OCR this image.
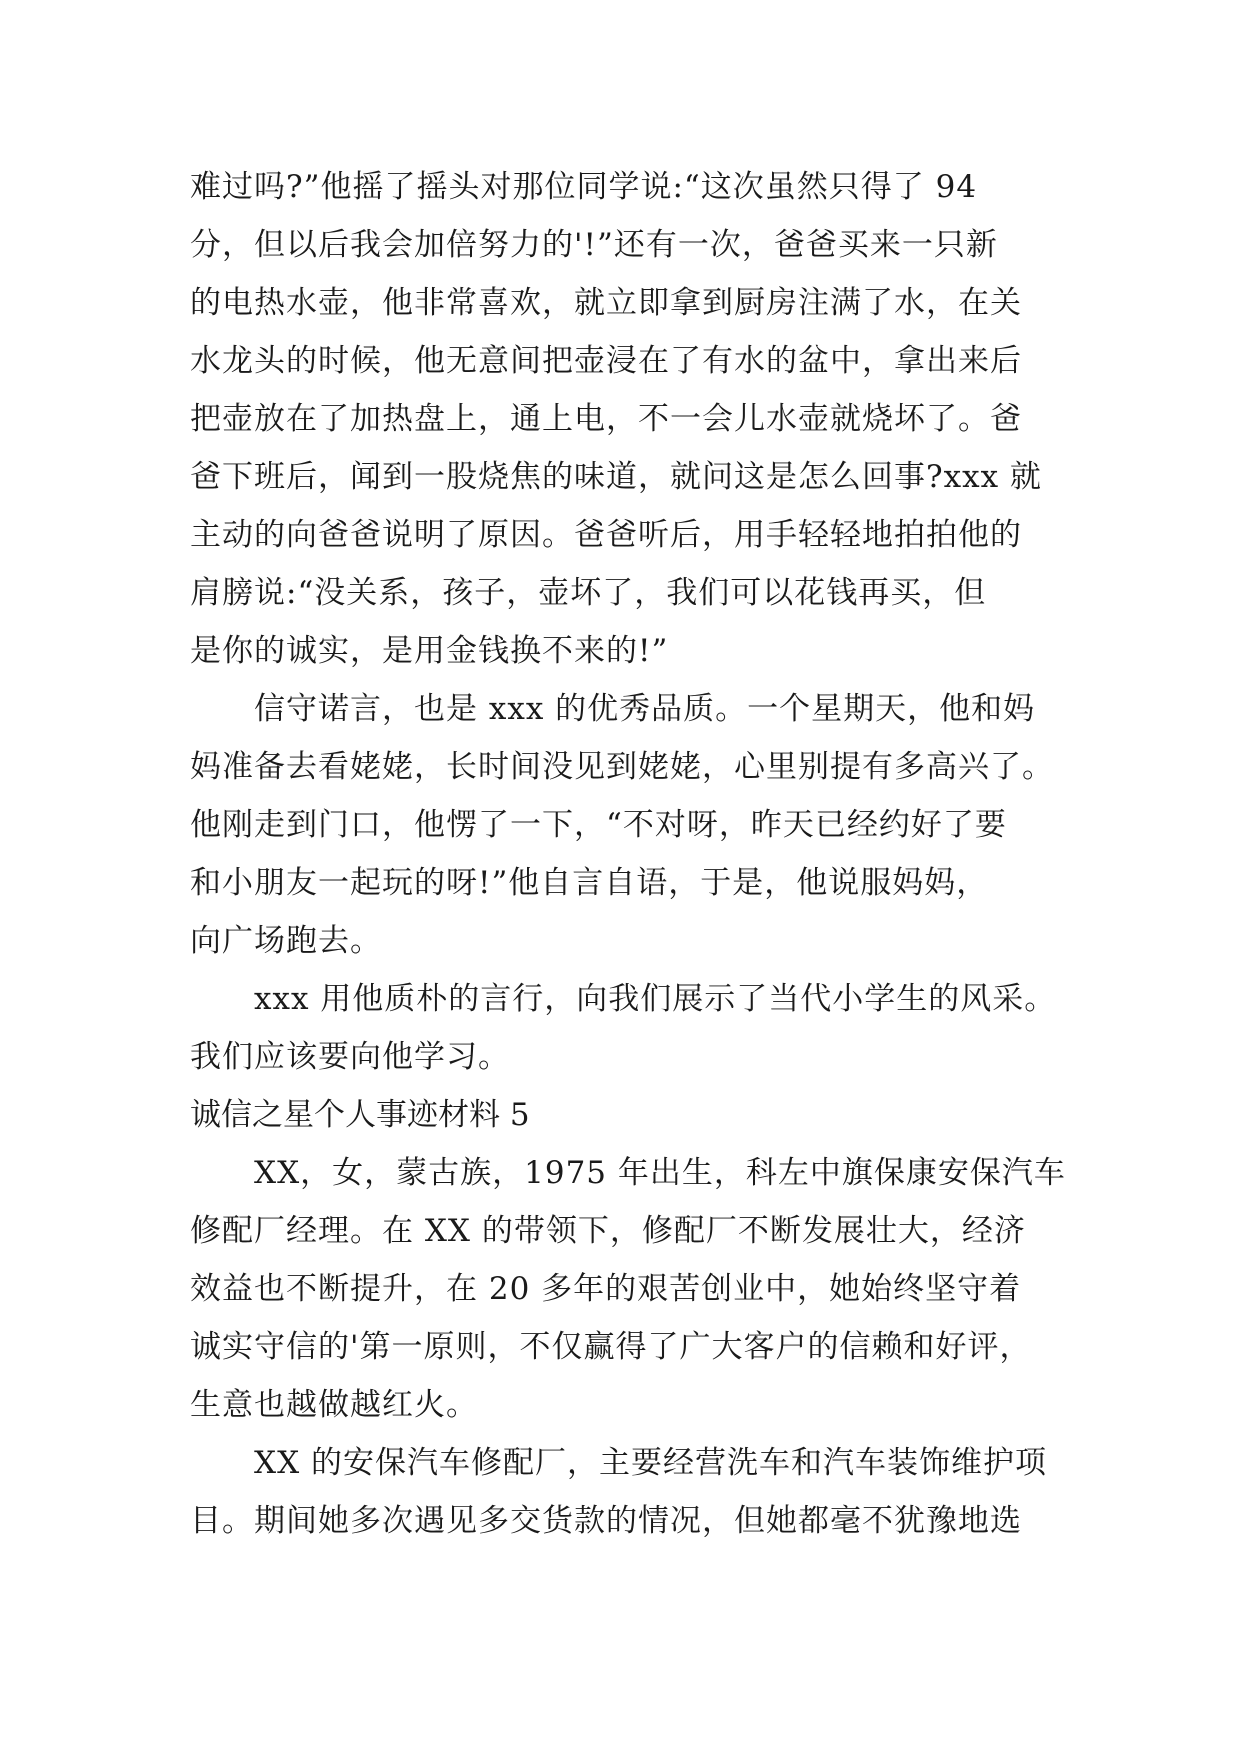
难过吗?”他摇了摇头对那位同学说:“这次虽然只得了 94
分，但以后我会加倍努力的'!”还有一次，爸爸买来一只新
的电热水壶，他非常喜欢，就立即拿到厨房注满了水，在关
水龙头的时候，他无意间把壶浸在了有水的盆中，拿出来后
把壶放在了加热盘上，通上电，不一会儿水壶就烧坏了。爸
爸下班后，闻到一股烧焦的味道，就问这是怎么回事?xxx 就
主动的向爸爸说明了原因。爸爸听后，用手轻轻地拍拍他的
肩膀说:“没关系，孩子，壶坏了，我们可以花钱再买，但
是你的诚实，是用金钱换不来的!”
信守诺言，也是 xxx 的优秀品质。一个星期天，他和妈
妈准备去看姥姥，长时间没见到姥姥，心里别提有多高兴了。
他刚走到门口，他愣了一下，“不对呀，昨天已经约好了要
和小朋友一起玩的呀!”他自言自语，于是，他说服妈妈，
向广场跑去。
xxx 用他质朴的言行，向我们展示了当代小学生的风采。
我们应该要向他学习。
诚信之星个人事迹材料 5
XX，女，蒙古族，1975 年出生，科左中旗保康安保汽车
修配厂经理。在 XX 的带领下，修配厂不断发展壮大，经济
效益也不断提升，在 20 多年的艰苦创业中，她始终坚守着
诚实守信的'第一原则，不仅赢得了广大客户的信赖和好评，
生意也越做越红火。
XX 的安保汽车修配厂，主要经营洗车和汽车装饰维护项
目。期间她多次遇见多交货款的情况，但她都毫不犹豫地选
